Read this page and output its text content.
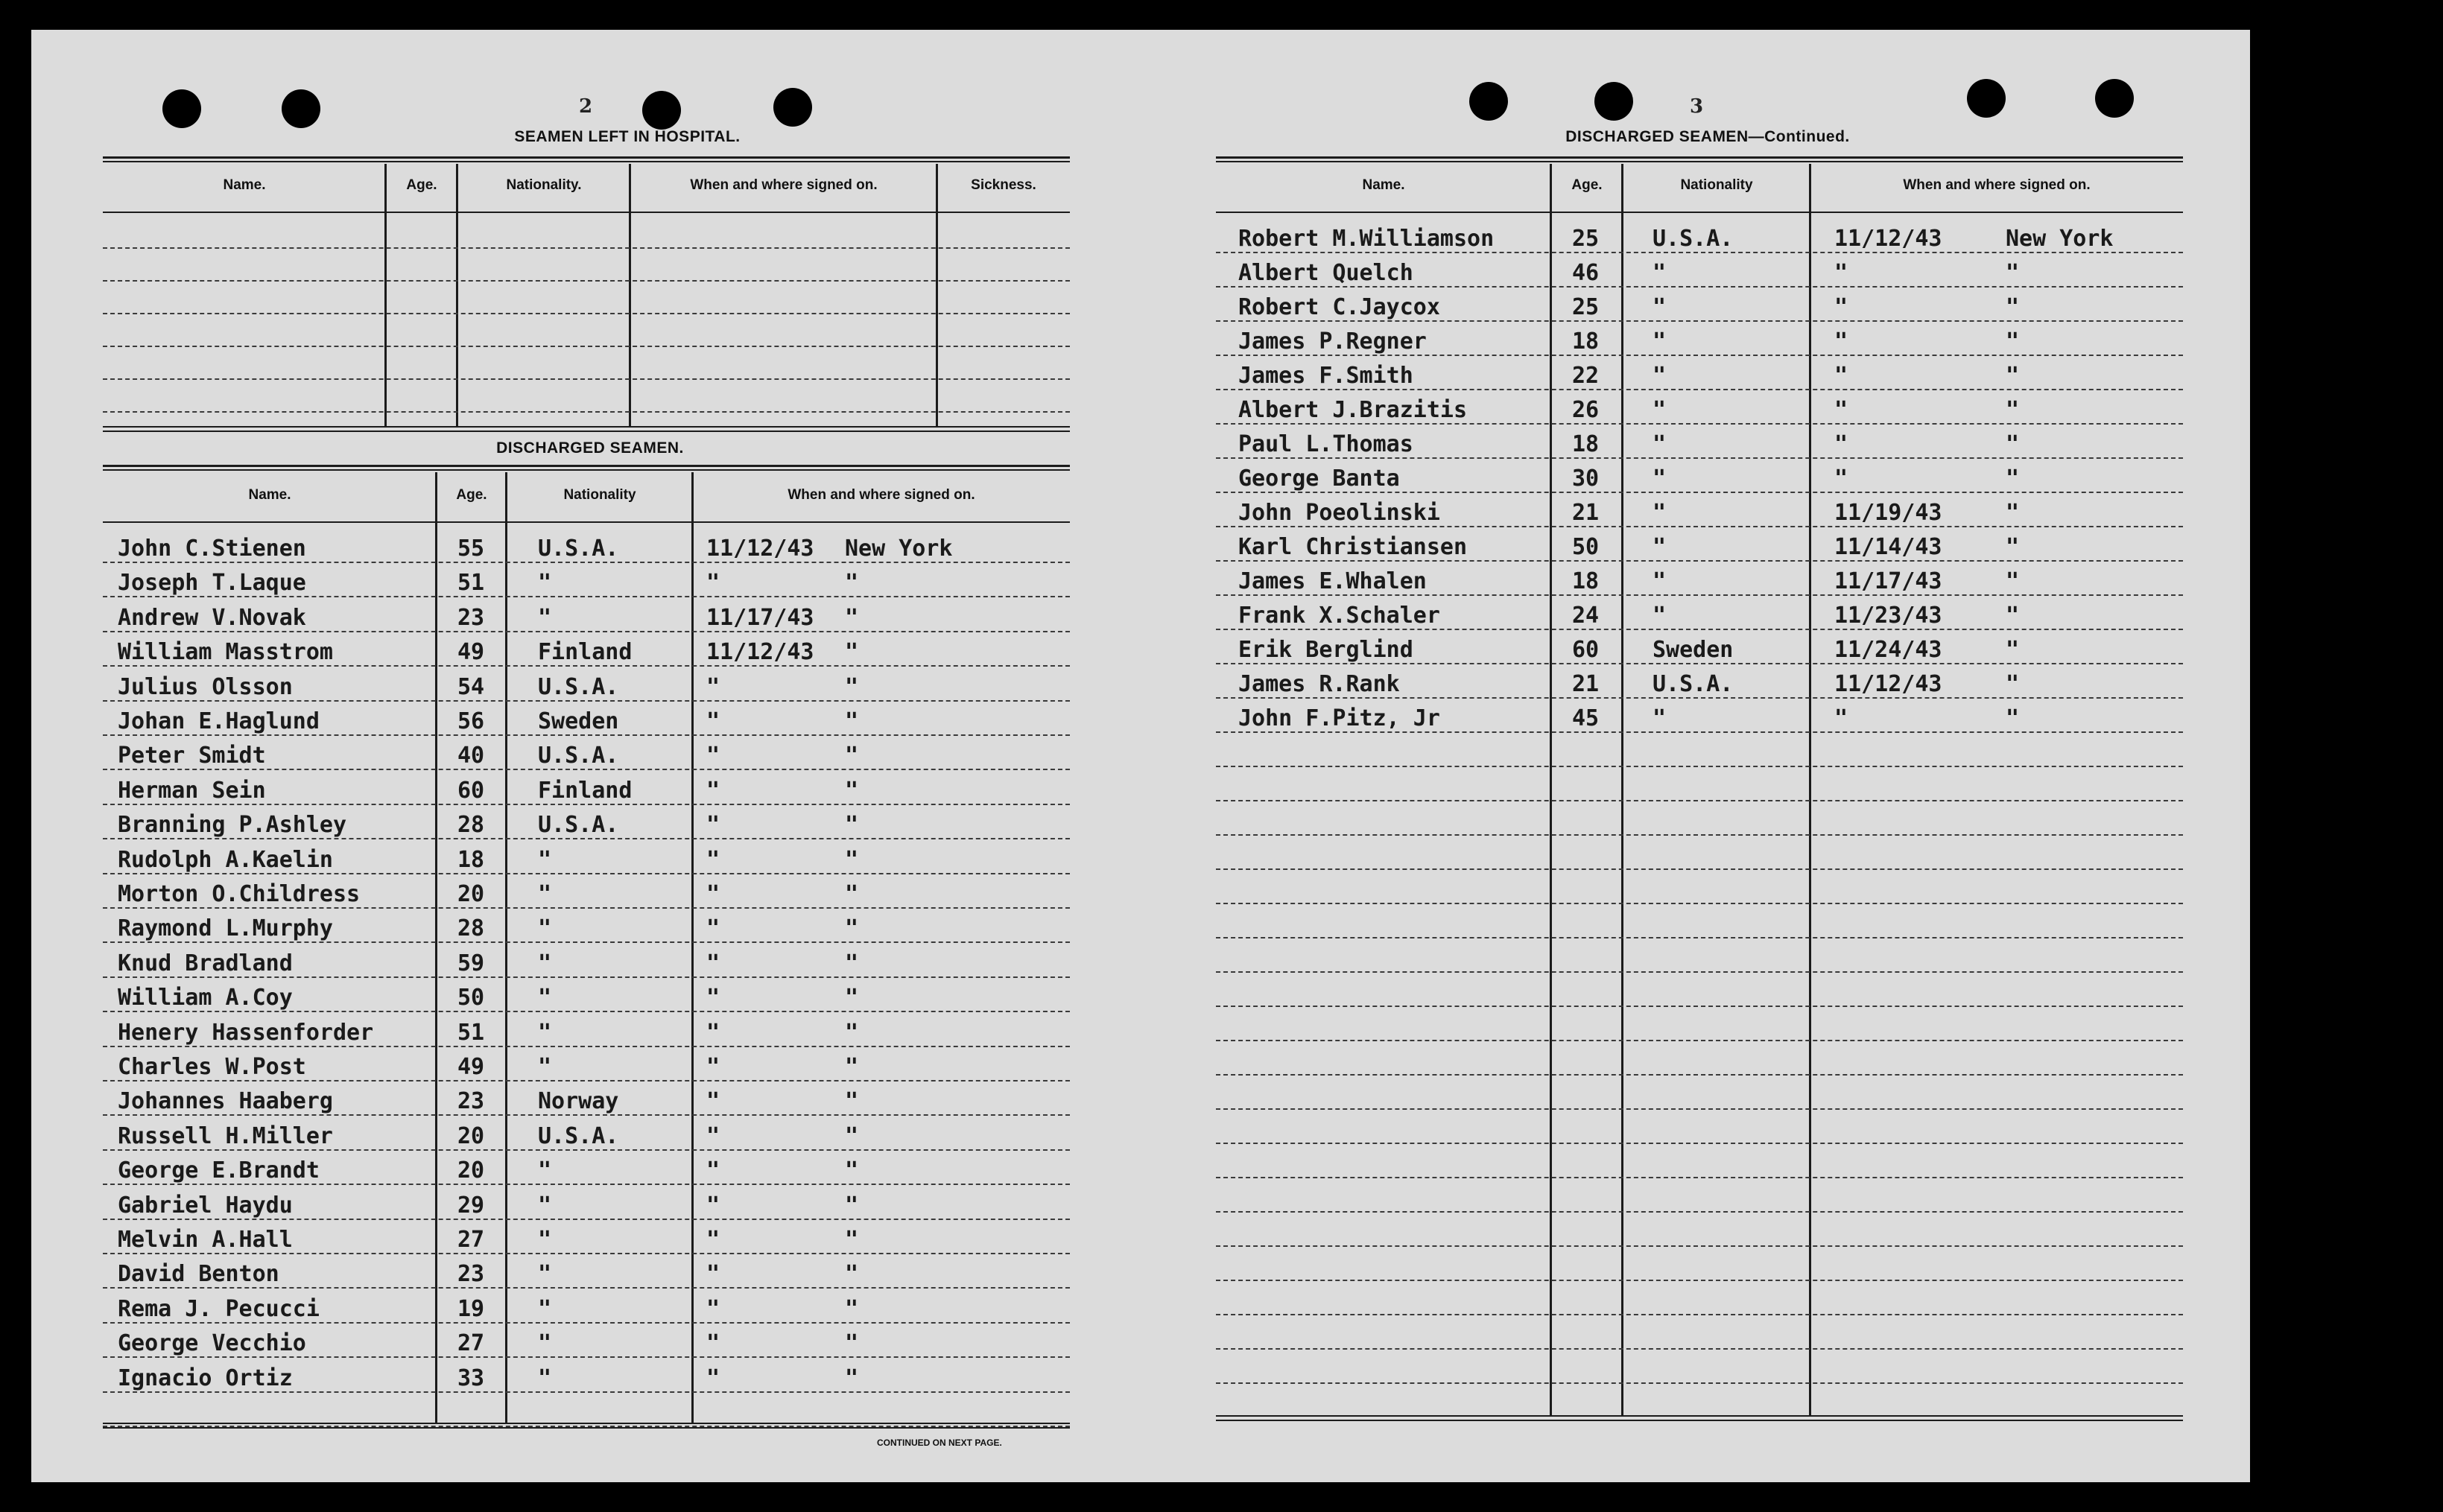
2
SEAMEN LEFT IN HOSPITAL.
Name.	Age.	Nationality.	When and where signed on.	Sickness.
DISCHARGED SEAMEN.
Name.	Age.	Nationality	When and where signed on.
John C.Stienen	55	U.S.A.	11/12/43 New York
Joseph T.Laque	51	"	"	"
Andrew V.Novak	23	"	11/17/43 "
William Masstrom	49	Finland	11/12/43 "
Julius Olsson	54	U.S.A.	"	"
Johan E.Haglund	56	Sweden	"	"
Peter Smidt	40	U.S.A.	"	"
Herman Sein	60	Finland	"	"
Branning P.Ashley	28	U.S.A.	"	"
Rudolph A.Kaelin	18	"	"	"
Morton O.Childress	20	"	"	"
Raymond L.Murphy	28	"	"	"
Knud Bradland	59	"	"	"
William A.Coy	50	"	"	"
Henery Hassenforder	51	"	"	"
Charles W.Post	49	"	"	"
Johannes Haaberg	23	Norway	"	"
Russell H.Miller	20	U.S.A.	"	"
George E.Brandt	20	"	"	"
Gabriel Haydu	29	"	"	"
Melvin A.Hall	27	"	"	"
David Benton	23	"	"	"
Rema J. Pecucci	19	"	"	"
George Vecchio	27	"	"	"
Ignacio Ortiz	33	"	"	"
CONTINUED ON NEXT PAGE.
3
DISCHARGED SEAMEN—Continued.
Name.	Age.	Nationality	When and where signed on.
Robert M.Williamson	25	U.S.A.	11/12/43	New York
Albert Quelch	46	"	"	"
Robert C.Jaycox	25	"	"	"
James P.Regner	18	"	"	"
James F.Smith	22	"	"	"
Albert J.Brazitis	26	"	"	"
Paul L.Thomas	18	"	"	"
George Banta	30	"	"	"
John Poeolinski	21	"	11/19/43	"
Karl Christiansen	50	"	11/14/43	"
James E.Whalen	18	"	11/17/43	"
Frank X.Schaler	24	"	11/23/43	"
Erik Berglind	60	Sweden	11/24/43	"
James R.Rank	21	U.S.A.	11/12/43	"
John F.Pitz, Jr	45	"	"	"
